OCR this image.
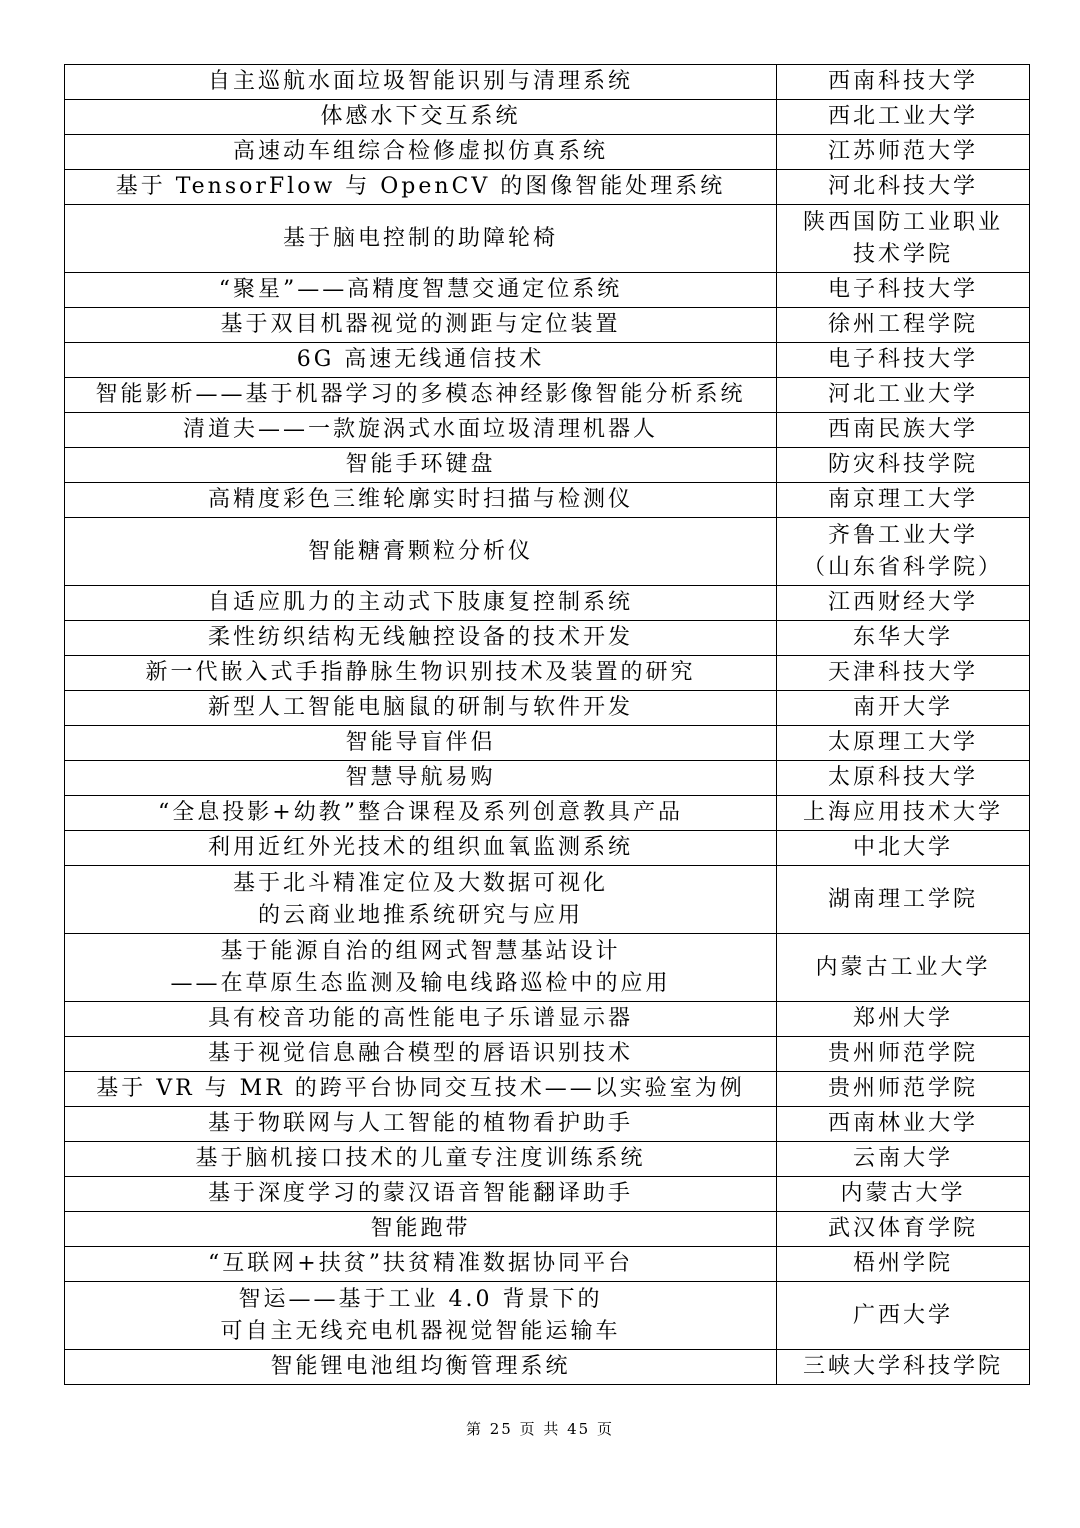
自主巡航水面垃圾智能识别与清理系统	西南科技大学

体感水下交互系统	西北工业大学

高速动车组综合检修虚拟仿真系统	江苏师范大学

基于 TensorFlow 与 OpenCV 的图像智能处理系统	河北科技大学

基于脑电控制的助障轮椅	陕西国防工业职业
技术学院

“聚星”——高精度智慧交通定位系统	电子科技大学

基于双目机器视觉的测距与定位装置	徐州工程学院

6G 高速无线通信技术	电子科技大学

智能影析——基于机器学习的多模态神经影像智能分析系统	河北工业大学

清道夫——一款旋涡式水面垃圾清理机器人	西南民族大学

智能手环键盘	防灾科技学院

高精度彩色三维轮廓实时扫描与检测仪	南京理工大学

智能糖膏颗粒分析仪	齐鲁工业大学
（山东省科学院）

自适应肌力的主动式下肢康复控制系统	江西财经大学

柔性纺织结构无线触控设备的技术开发	东华大学

新一代嵌入式手指静脉生物识别技术及装置的研究	天津科技大学

新型人工智能电脑鼠的研制与软件开发	南开大学

智能导盲伴侣	太原理工大学

智慧导航易购	太原科技大学

“全息投影+幼教”整合课程及系列创意教具产品	上海应用技术大学

利用近红外光技术的组织血氧监测系统	中北大学

基于北斗精准定位及大数据可视化
的云商业地推系统研究与应用	湖南理工学院

基于能源自治的组网式智慧基站设计
——在草原生态监测及输电线路巡检中的应用	内蒙古工业大学

具有校音功能的高性能电子乐谱显示器	郑州大学

基于视觉信息融合模型的唇语识别技术	贵州师范学院

基于 VR 与 MR 的跨平台协同交互技术——以实验室为例	贵州师范学院

基于物联网与人工智能的植物看护助手	西南林业大学

基于脑机接口技术的儿童专注度训练系统	云南大学

基于深度学习的蒙汉语音智能翻译助手	内蒙古大学

智能跑带	武汉体育学院

“互联网+扶贫”扶贫精准数据协同平台	梧州学院

智运——基于工业 4.0 背景下的
可自主无线充电机器视觉智能运输车	广西大学

智能锂电池组均衡管理系统	三峡大学科技学院
第 25 页 共 45 页
